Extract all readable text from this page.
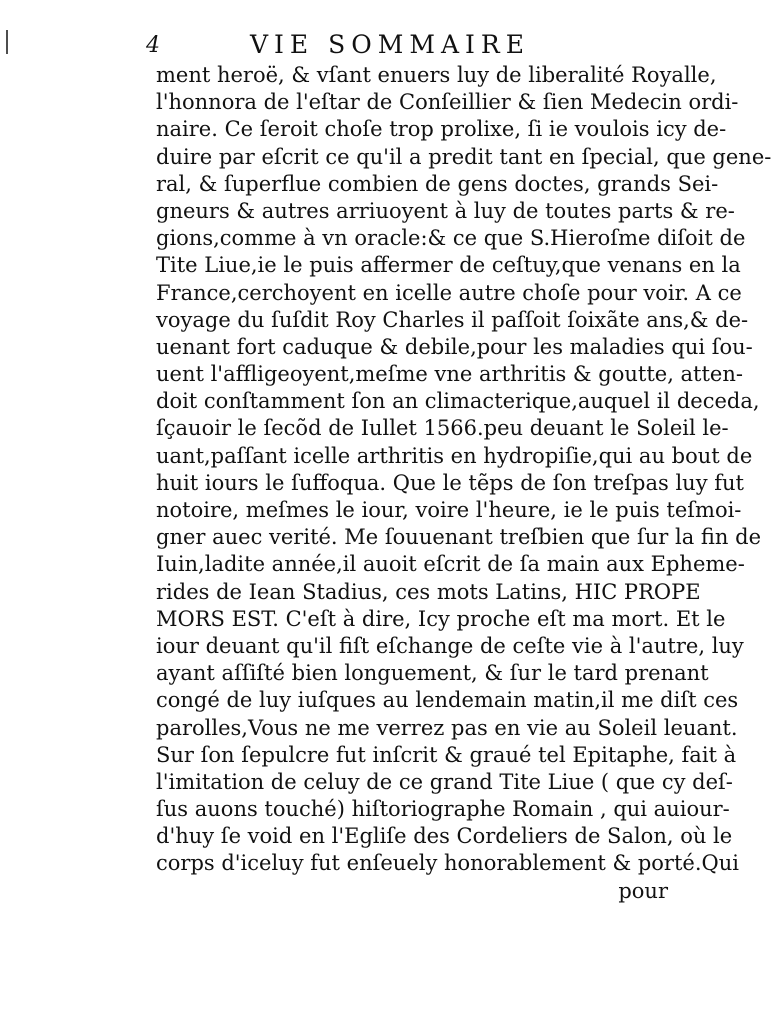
4	VIE SOMMAIRE
ment heroë, & vſant enuers luy de liberalité Royalle,
l'honnora de l'eſtar de Conſeillier & ſien Medecin ordi-
naire. Ce ſeroit choſe trop prolixe, ſi ie voulois icy de-
duire par eſcrit ce qu'il a predit tant en ſpecial, que gene-
ral, & ſuperflue combien de gens doctes, grands Sei-
gneurs & autres arriuoyent à luy de toutes parts & re-
gions,comme à vn oracle:& ce que S.Hieroſme diſoit de
Tite Liue,ie le puis affermer de ceſtuy,que venans en la
France,cerchoyent en icelle autre choſe pour voir. A ce
voyage du ſuſdit Roy Charles il paſſoit ſoixãte ans,& de-
uenant fort caduque & debile,pour les maladies qui ſou-
uent l'affligeoyent,meſme vne arthritis & goutte, atten-
doit conſtamment ſon an climacterique,auquel il deceda,
ſçauoir le ſecõd de Iullet 1566.peu deuant le Soleil le-
uant,paſſant icelle arthritis en hydropiſie,qui au bout de
huit iours le ſuffoqua. Que le tẽps de ſon treſpas luy fut
notoire, meſmes le iour, voire l'heure, ie le puis teſmoi-
gner auec verité. Me ſouuenant treſbien que ſur la fin de
Iuin,ladite année,il auoit eſcrit de ſa main aux Epheme-
rides de Iean Stadius, ces mots Latins, HIC PROPE
MORS EST. C'eſt à dire, Icy proche eſt ma mort. Et le
iour deuant qu'il fiſt eſchange de ceſte vie à l'autre, luy
ayant aſſiſté bien longuement, & ſur le tard prenant
congé de luy iuſques au lendemain matin,il me diſt ces
parolles,Vous ne me verrez pas en vie au Soleil leuant.
Sur ſon ſepulcre fut inſcrit & graué tel Epitaphe, fait à
l'imitation de celuy de ce grand Tite Liue ( que cy deſ-
ſus auons touché) hiſtoriographe Romain , qui auiour-
d'huy ſe void en l'Egliſe des Cordeliers de Salon, où le
corps d'iceluy fut enſeuely honorablement & porté.Qui
pour
